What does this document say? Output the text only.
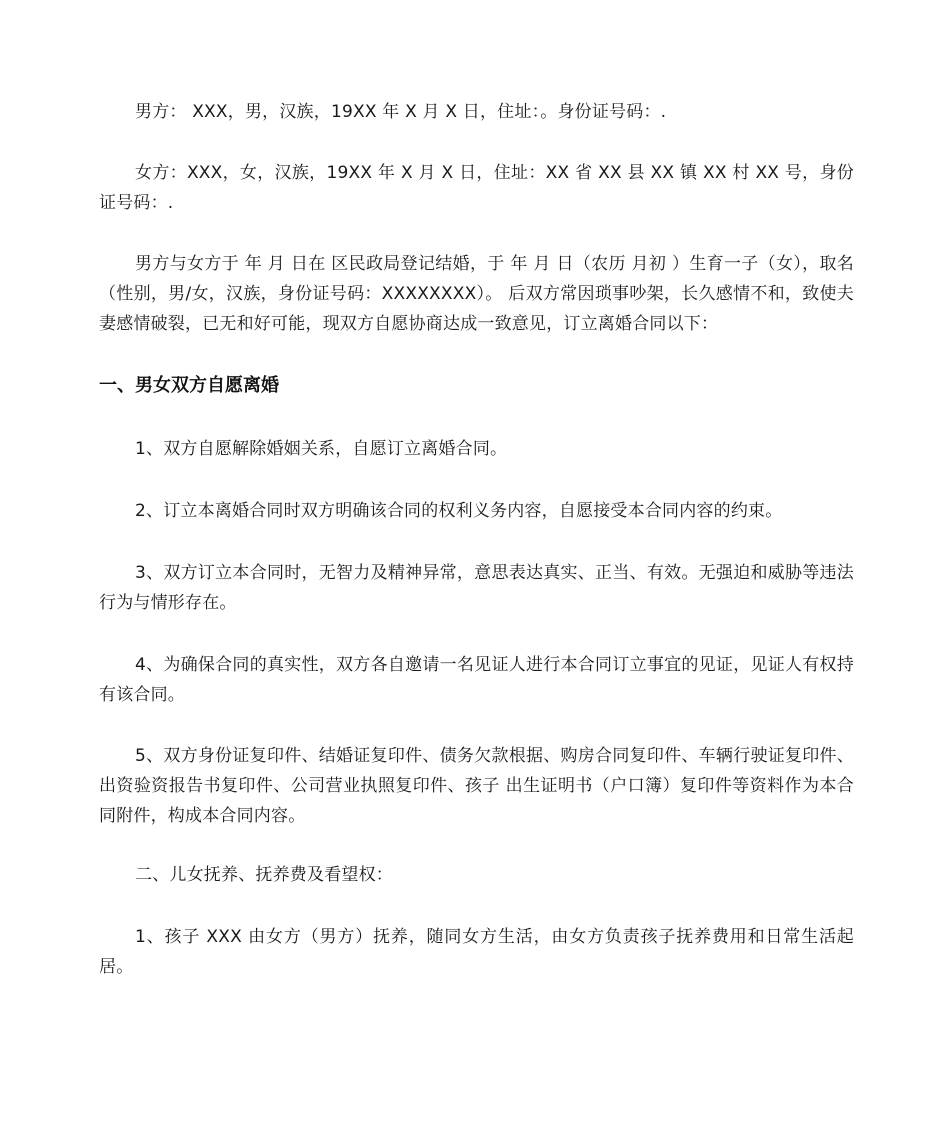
男方： XXX，男，汉族，19XX 年 X 月 X 日，住址：。身份证号码：.

女方：XXX，女，汉族，19XX 年 X 月 X 日，住址：XX 省 XX 县 XX 镇 XX 村 XX 号，身份证号码：.

男方与女方于 年 月 日在 区民政局登记结婚，于 年 月 日（农历 月初 ）生育一子（女），取名 （性别，男/女，汉族，身份证号码：XXXXXXXX）。 后双方常因琐事吵架，长久感情不和，致使夫妻感情破裂，已无和好可能，现双方自愿协商达成一致意见，订立离婚合同以下：

一、男女双方自愿离婚

1、双方自愿解除婚姻关系，自愿订立离婚合同。

2、订立本离婚合同时双方明确该合同的权利义务内容，自愿接受本合同内容的约束。

3、双方订立本合同时，无智力及精神异常，意思表达真实、正当、有效。无强迫和威胁等违法行为与情形存在。

4、为确保合同的真实性，双方各自邀请一名见证人进行本合同订立事宜的见证，见证人有权持有该合同。

5、双方身份证复印件、结婚证复印件、债务欠款根据、购房合同复印件、车辆行驶证复印件、出资验资报告书复印件、公司营业执照复印件、孩子 出生证明书（户口簿）复印件等资料作为本合同附件，构成本合同内容。

二、儿女抚养、抚养费及看望权：

1、孩子 XXX 由女方（男方）抚养，随同女方生活，由女方负责孩子抚养费用和日常生活起居。
